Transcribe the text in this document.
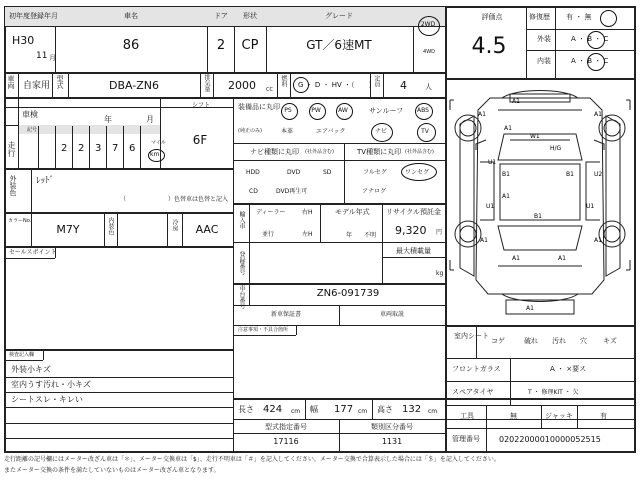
初年度登録年月
H30
11 月
車名
86
ドア
2
形状
CP
グレード
GT／6速MT
2WD
4WD
車両 自家用 型式	DBA-ZN6	排気量 2000 CC
燃料 G ・ D ・ HV ・（　　）
定員 4	人
車検
年	月
シフト
6F
走行
記号
2 2 3 7 6	マイル
km
外装色 ﾚｯﾄﾞ
（　　　　　　　）色替車は色替と記入
カラーNo.
M7Y	内装色	冷房 AAC
セールスポイント
検査記入欄
外装小キズ
室内うす汚れ・小キズ
シートスレ・キレい
装備品に丸印
(純正のみ)
PS	PW	AW	サンルーフ ABS
本革	エアバック	ナビ	TV
ナビ種類に丸印 (社外品含む)
HDD	DVD	SD
CD	DVD再生可
TV種類に丸印 (社外品含む)
フルセグ	ワンセグ
アナログ
輸入車 ディーラー
並行
右H
左H
モデル年式
年 不明
リサイクル預託金
9,320 円
登録番号	最大積載量
kg
車台番号	ZN6-091739
新車保証書	車両取説
注意事項・不具合箇所
長さ 424 cm 幅 177 cm 高さ 132 cm
型式指定番号
17116
類別区分番号
1131
評価点
4.5
修復歴 有 ・ 無
外装	A ・ B ・ C
内装	A ・ B ・ C
A1
A1	A1
A1
U1
B1	B1	U2
A1
A1	A1
A1	A1
A1
W1
U1	U1
B1
H/G
室内シート
コゲ	破れ 汚れ 穴 キズ
フロントガラス	A ・ ×要ス
スペアタイヤ	T ・ 修理KIT ・ 欠
工具	無	ジャッキ	有
管理番号 02022000010000052515
走行距離の記号欄にはメーター改ざん車は「＊」、メーター交換車は「$」、走行不明車は「＃」を記入してください。メーター交換で合算表示した場合には「＄」を記入してください。
またメーター交換の条件を満たしていないものはメーター改ざん車となります。
